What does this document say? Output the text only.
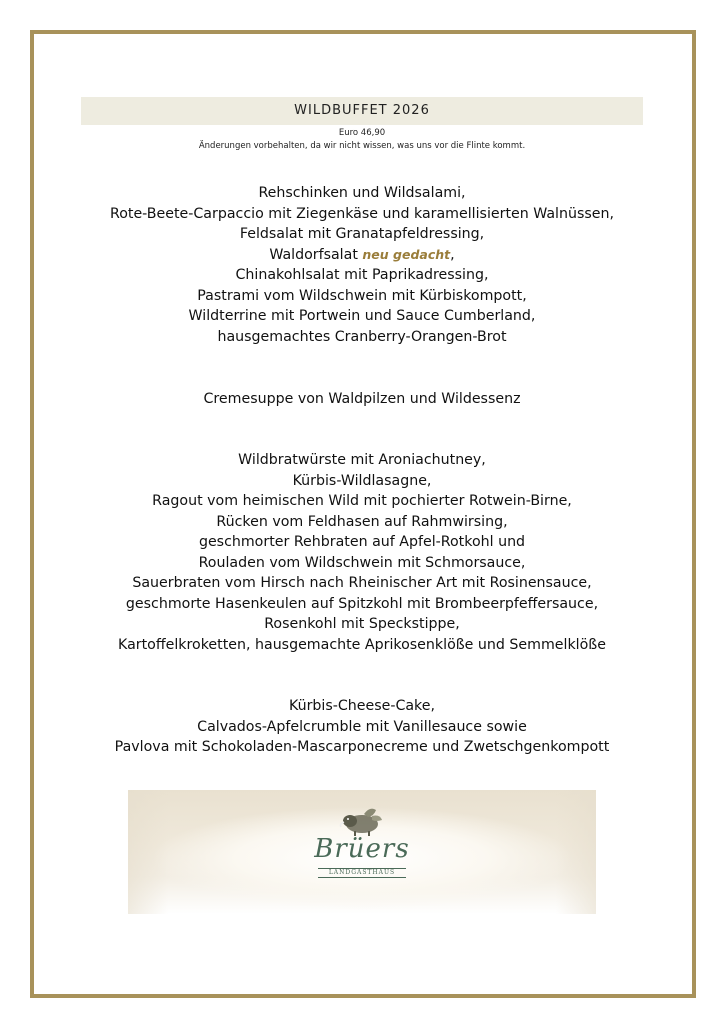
WILDBUFFET 2026
Euro 46,90
Änderungen vorbehalten, da wir nicht wissen, was uns vor die Flinte kommt.
Rehschinken und Wildsalami,
Rote-Beete-Carpaccio mit Ziegenkäse und karamellisierten Walnüssen,
Feldsalat mit Granatapfeldressing,
Waldorfsalat neu gedacht,
Chinakohlsalat mit Paprikadressing,
Pastrami vom Wildschwein mit Kürbiskompott,
Wildterrine mit Portwein und Sauce Cumberland,
hausgemachtes Cranberry-Orangen-Brot
Cremesuppe von Waldpilzen und Wildessenz
Wildbratwürste mit Aroniachutney,
Kürbis-Wildlasagne,
Ragout vom heimischen Wild mit pochierter Rotwein-Birne,
Rücken vom Feldhasen auf Rahmwirsing,
geschmorter Rehbraten auf Apfel-Rotkohl und
Rouladen vom Wildschwein mit Schmorsauce,
Sauerbraten vom Hirsch nach Rheinischer Art mit Rosinensauce,
geschmorte Hasenkeulen auf Spitzkohl mit Brombeerpfeffersauce,
Rosenkohl mit Speckstippe,
Kartoffelkroketten, hausgemachte Aprikosenklöße und Semmelklöße
Kürbis-Cheese-Cake,
Calvados-Apfelcrumble mit Vanillesauce sowie
Pavlova mit Schokoladen-Mascarponecreme und Zwetschgenkompott
Brüers
LANDGASTHAUS
